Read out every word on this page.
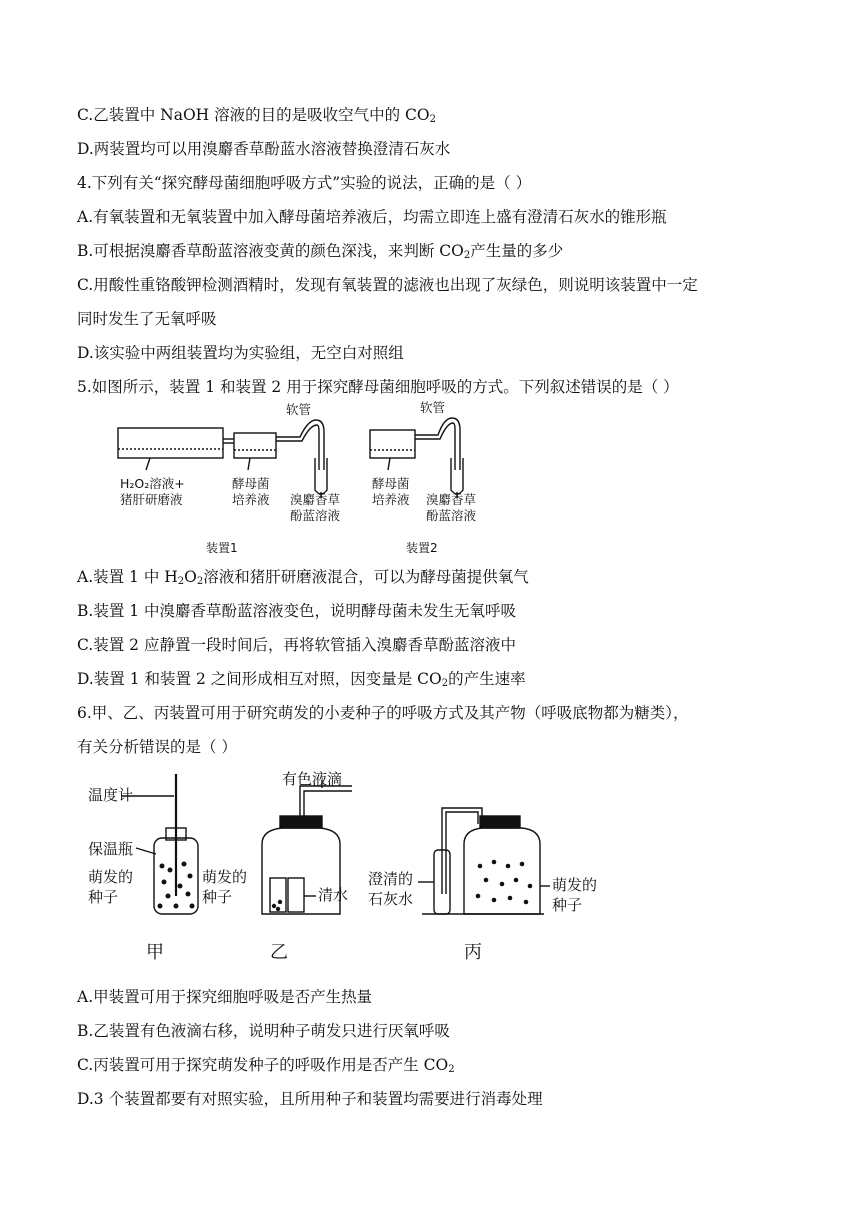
C.乙装置中 NaOH 溶液的目的是吸收空气中的 $CO_2$
D.两装置均可以用溴麝香草酚蓝水溶液替换澄清石灰水
4.下列有关“探究酵母菌细胞呼吸方式”实验的说法，正确的是（ ）
A.有氧装置和无氧装置中加入酵母菌培养液后，均需立即连上盛有澄清石灰水的锥形瓶
B.可根据溴麝香草酚蓝溶液变黄的颜色深浅，来判断 $CO_2$产生量的多少
C.用酸性重铬酸钾检测酒精时，发现有氧装置的滤液也出现了灰绿色，则说明该装置中一定
同时发生了无氧呼吸
D.该实验中两组装置均为实验组，无空白对照组
5.如图所示，装置 1 和装置 2 用于探究酵母菌细胞呼吸的方式。下列叙述错误的是（ ）
软管	软管
H₂O₂溶液+
猪肝研磨液
酵母菌
培养液 溴麝香草
酚蓝溶液
酵母菌
培养液 溴麝香草
酚蓝溶液
装置1	装置2
A.装置 1 中 $H_2O_2$溶液和猪肝研磨液混合，可以为酵母菌提供氧气
B.装置 1 中溴麝香草酚蓝溶液变色，说明酵母菌未发生无氧呼吸
C.装置 2 应静置一段时间后，再将软管插入溴麝香草酚蓝溶液中
D.装置 1 和装置 2 之间形成相互对照，因变量是 $CO_2$的产生速率
6.甲、乙、丙装置可用于研究萌发的小麦种子的呼吸方式及其产物（呼吸底物都为糖类），
有关分析错误的是（ ）
温度计
保温瓶
萌发的
种子
有色液滴
萌发的
种子	清水
澄清的
石灰水
萌发的
种子
甲	乙	丙
A.甲装置可用于探究细胞呼吸是否产生热量
B.乙装置有色液滴右移，说明种子萌发只进行厌氧呼吸
C.丙装置可用于探究萌发种子的呼吸作用是否产生 $CO_2$
D.3 个装置都要有对照实验，且所用种子和装置均需要进行消毒处理
